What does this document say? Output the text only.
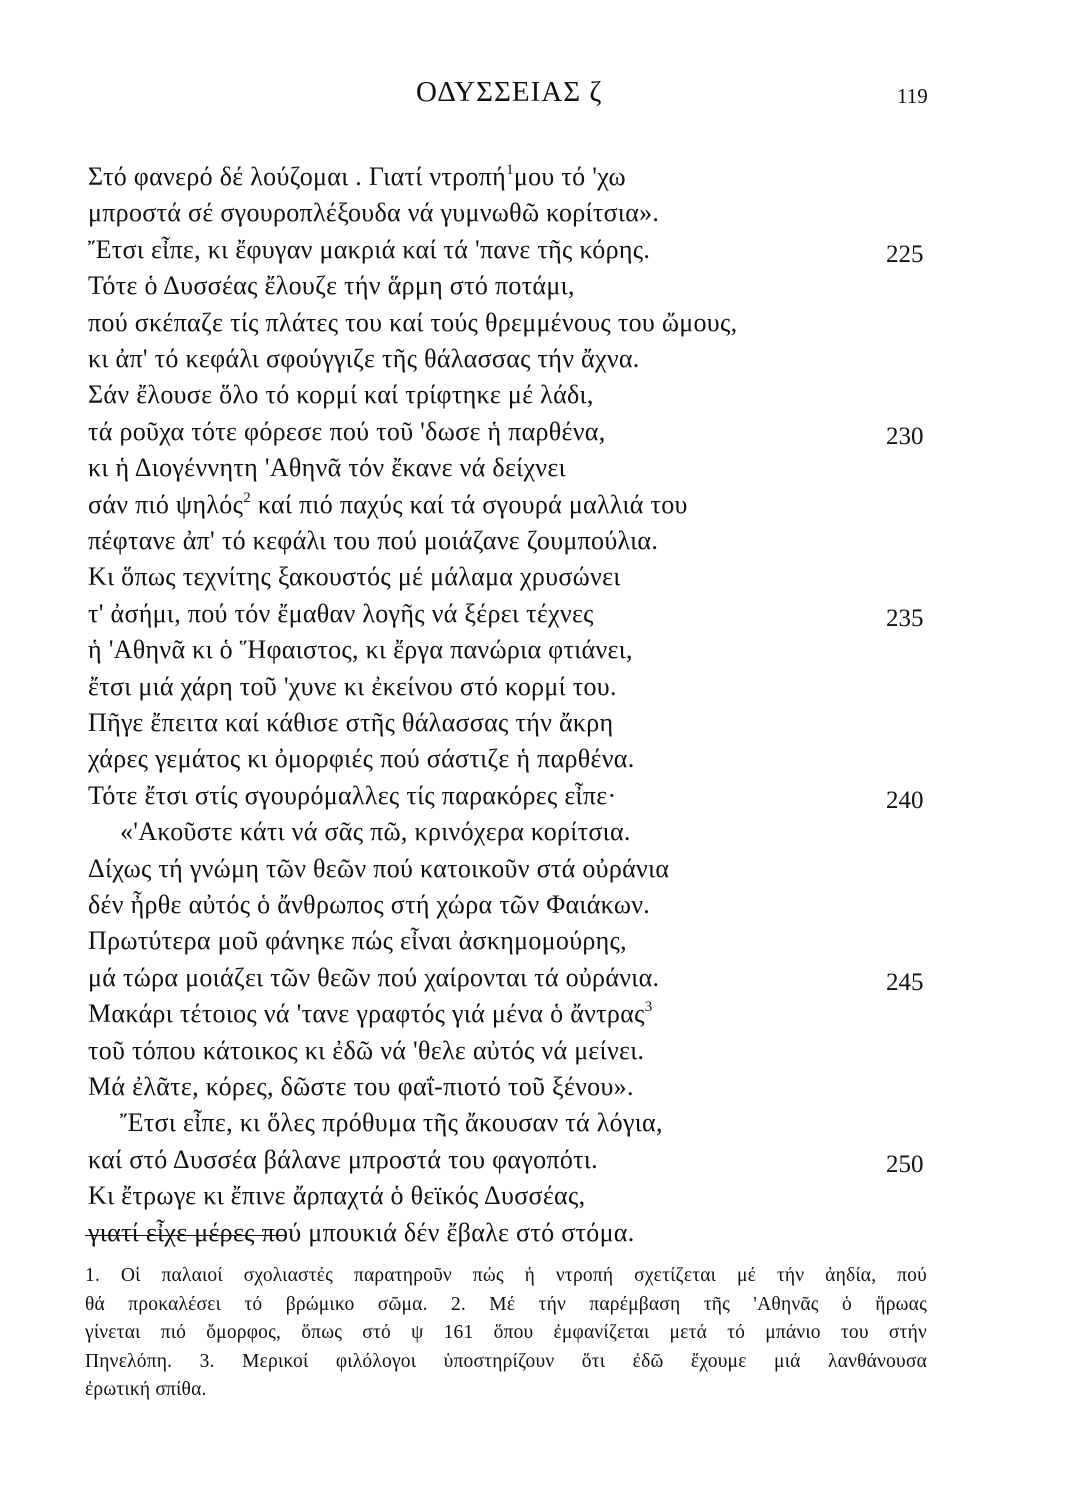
ΟΔΥΣΣΕΙΑΣ ζ	119
Στό φανερό δέ λούζομαι . Γιατί ντροπή$^1$μου τό 'χω
μπροστά σέ σγουροπλέξουδα νά γυμνωθῶ κορίτσια».
Ἔτσι εἶπε, κι ἔφυγαν μακριά καί τά 'πανε τῆς κόρης.	225
Τότε ὁ Δυσσέας ἔλουζε τήν ἅρμη στό ποτάμι,
πού σκέπαζε τίς πλάτες του καί τούς θρεμμένους του ὤμους,
κι ἀπ' τό κεφάλι σφούγγιζε τῆς θάλασσας τήν ἄχνα.
Σάν ἔλουσε ὅλο τό κορμί καί τρίφτηκε μέ λάδι,
τά ροῦχα τότε φόρεσε πού τοῦ 'δωσε ἡ παρθένα,	230
κι ἡ Διογέννητη 'Αθηνᾶ τόν ἔκανε νά δείχνει
σάν πιό ψηλός$^2$ καί πιό παχύς καί τά σγουρά μαλλιά του
πέφτανε ἀπ' τό κεφάλι του πού μοιάζανε ζουμπούλια.
Κι ὅπως τεχνίτης ξακουστός μέ μάλαμα χρυσώνει
τ' ἀσήμι, πού τόν ἔμαθαν λογῆς νά ξέρει τέχνες	235
ἡ 'Αθηνᾶ κι ὁ Ἥφαιστος, κι ἔργα πανώρια φτιάνει,
ἔτσι μιά χάρη τοῦ 'χυνε κι ἐκείνου στό κορμί του.
Πῆγε ἔπειτα καί κάθισε στῆς θάλασσας τήν ἄκρη
χάρες γεμάτος κι ὀμορφιές πού σάστιζε ἡ παρθένα.
Τότε ἔτσι στίς σγουρόμαλλες τίς παρακόρες εἶπε·	240
«'Ακοῦστε κάτι νά σᾶς πῶ, κρινόχερα κορίτσια.
Δίχως τή γνώμη τῶν θεῶν πού κατοικοῦν στά οὐράνια
δέν ἦρθε αὐτός ὁ ἄνθρωπος στή χώρα τῶν Φαιάκων.
Πρωτύτερα μοῦ φάνηκε πώς εἶναι ἀσκημομούρης,
μά τώρα μοιάζει τῶν θεῶν πού χαίρονται τά οὐράνια.	245
Μακάρι τέτοιος νά 'τανε γραφτός γιά μένα ὁ ἄντρας$^3$
τοῦ τόπου κάτοικος κι ἐδῶ νά 'θελε αὐτός νά μείνει.
Μά ἐλᾶτε, κόρες, δῶστε του φαΐ-πιοτό τοῦ ξένου».
Ἔτσι εἶπε, κι ὅλες πρόθυμα τῆς ἄκουσαν τά λόγια,
καί στό Δυσσέα βάλανε μπροστά του φαγοπότι.	250
Κι ἔτρωγε κι ἔπινε ἄρπαχτά ὁ θεϊκός Δυσσέας,
γιατί εἶχε μέρες πού μπουκιά δέν ἔβαλε στό στόμα.
1. Οἱ παλαιοί σχολιαστές παρατηροῦν πώς ἡ ντροπή σχετίζεται μέ τήν ἀηδία, πού
θά προκαλέσει τό βρώμικο σῶμα. 2. Μέ τήν παρέμβαση τῆς 'Αθηνᾶς ὁ ἥρωας
γίνεται πιό ὄμορφος, ὅπως στό ψ 161 ὅπου ἐμφανίζεται μετά τό μπάνιο του στήν
Πηνελόπη. 3. Μερικοί φιλόλογοι ὑποστηρίζουν ὅτι ἐδῶ ἔχουμε μιά λανθάνουσα
ἐρωτική σπίθα.
